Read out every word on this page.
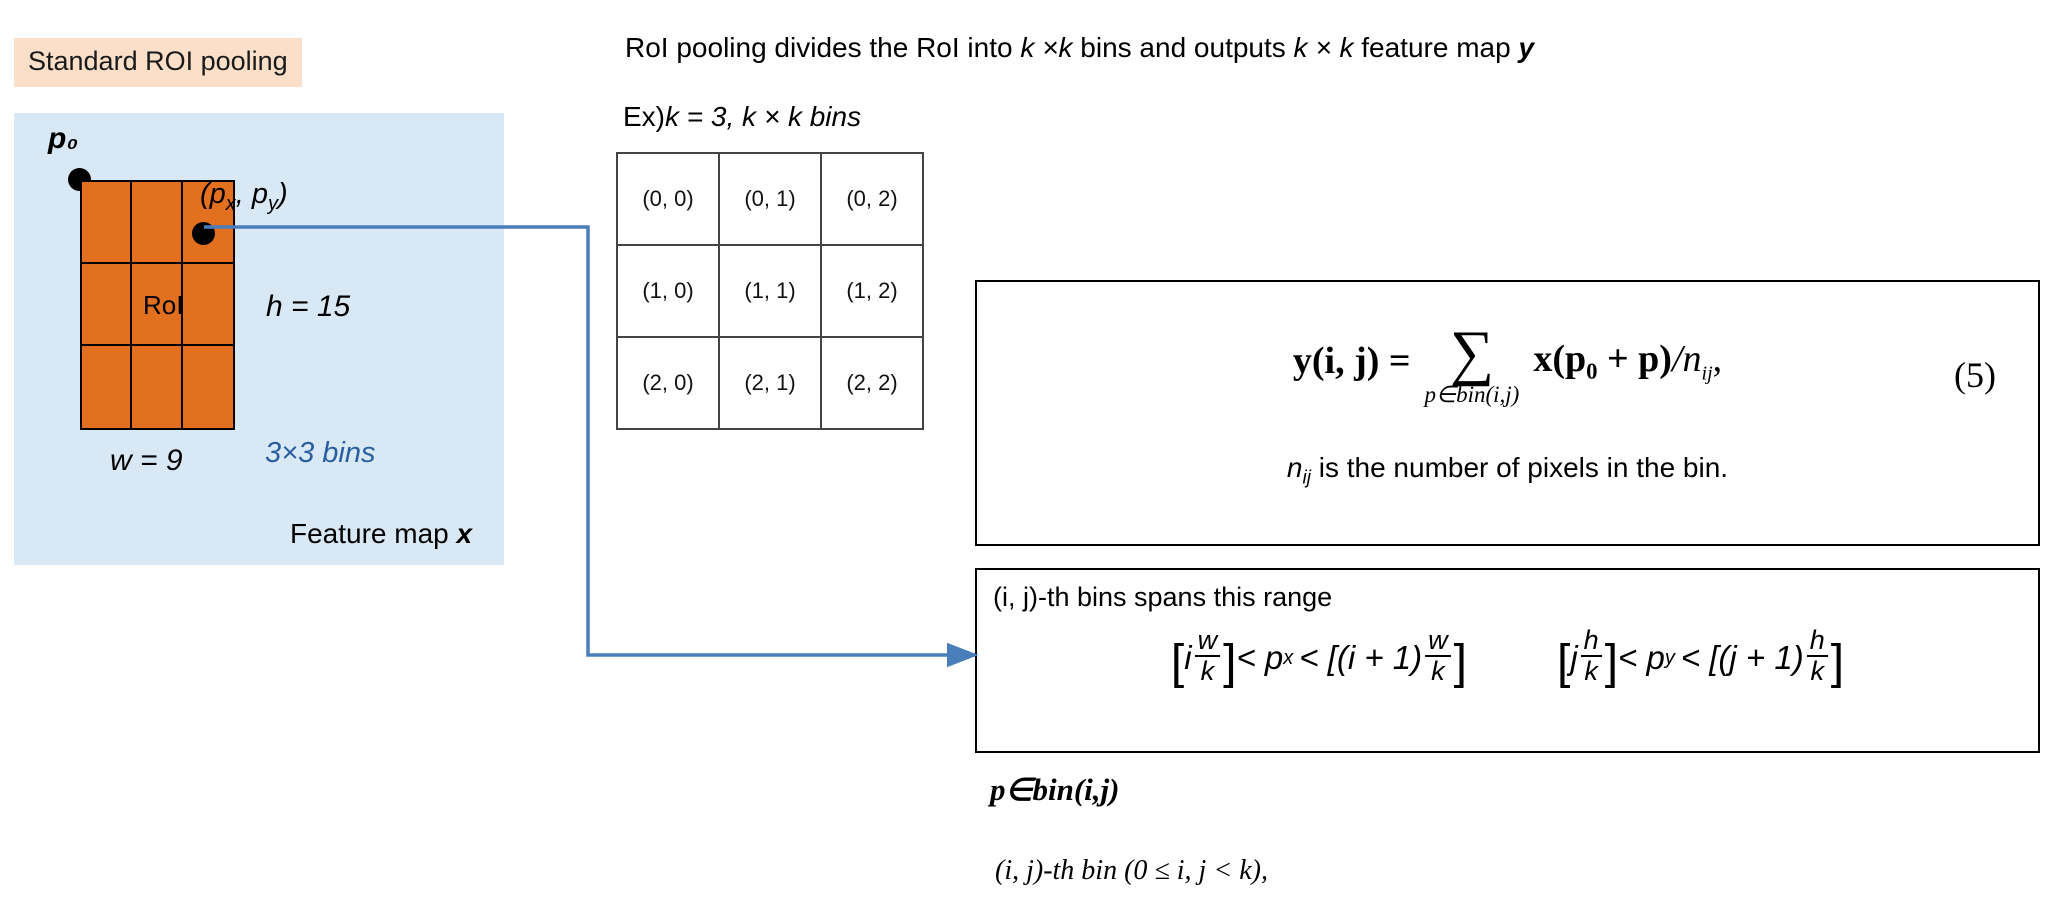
Standard ROI pooling
p₀
($p_x$, $p_y$)
RoI	h = 15
w = 9	3×3 bins
Feature map x
RoI pooling divides the RoI into k ×k bins and outputs k × k feature map y
Ex)k = 3, k × k bins
(0, 0)	(0, 1)	(0, 2)
(1, 0)	(1, 1)	(1, 2)
(2, 0)	(2, 1)	(2, 2)
y(i, j) = ∑
p∈bin(i,j)
$x(p_0 + p)/n_{ij}$,	(5)
$n_{ij}$ is the number of pixels in the bin.
(i, j)-th bins spans this range
[ i $\frac{w}{k}$ ] < p $x < [(i + 1) \frac{w}{k}$ ] [ j $\frac{h}{k}$ ] < p $y < [(j + 1) \frac{h}{k}$ ]
p∈bin(i,j)
(i, j)-th bin (0 ≤ i, j < k),
